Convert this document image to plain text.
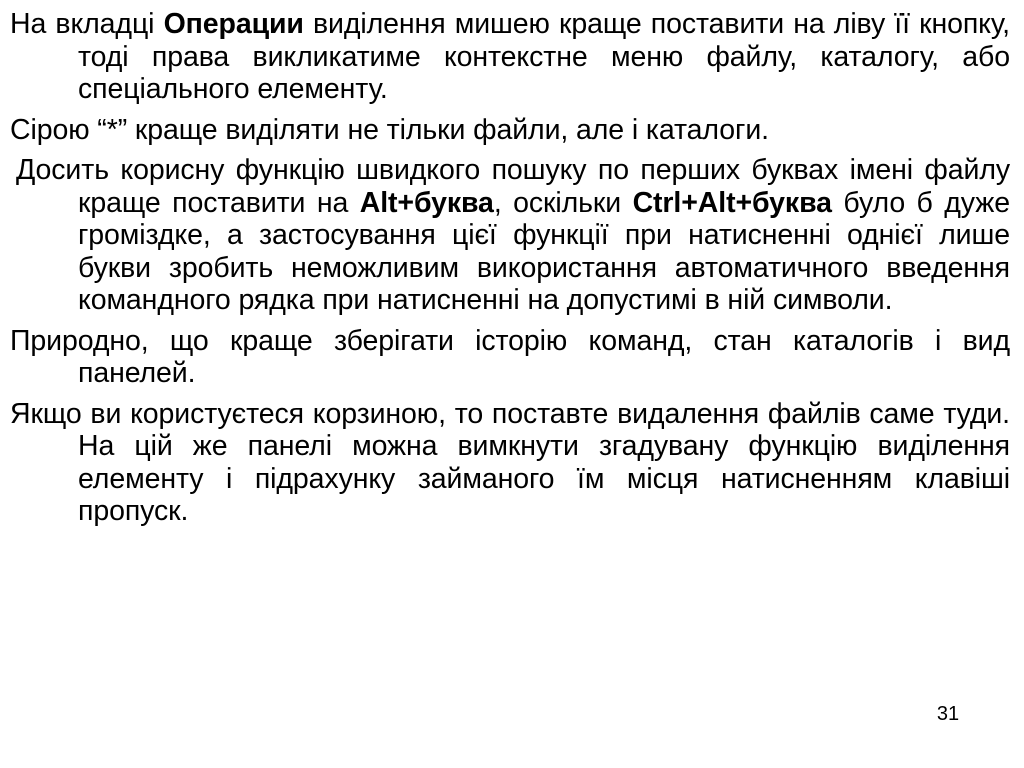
На вкладці Операции виділення мишею краще поставити на ліву її кнопку, тоді права викликатиме контекстне меню файлу, каталогу, або спеціального елементу.

Сірою “*” краще виділяти не тільки файли, але і каталоги.

Досить корисну функцію швидкого пошуку по перших буквах імені файлу краще поставити на Alt+буква, оскільки Ctrl+Alt+буква було б дуже громіздке, а застосування цієї функції при натисненні однієї лише букви зробить неможливим використання автоматичного введення командного рядка при натисненні на допустимі в ній символи.

Природно, що краще зберігати історію команд, стан каталогів і вид панелей.

Якщо ви користуєтеся корзиною, то поставте видалення файлів саме туди. На цій же панелі можна вимкнути згадувану функцію виділення елементу і підрахунку займаного їм місця натисненням клавіші пропуск.

31
